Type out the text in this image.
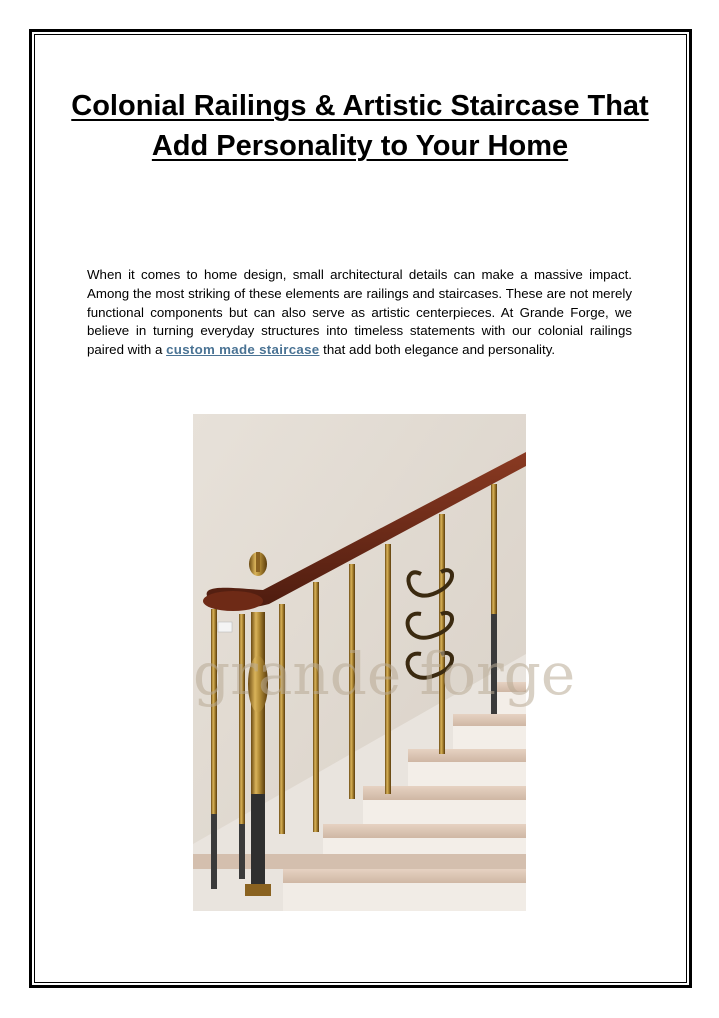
Colonial Railings & Artistic Staircase That Add Personality to Your Home

When it comes to home design, small architectural details can make a massive impact. Among the most striking of these elements are railings and staircases. These are not merely functional components but can also serve as artistic centerpieces. At Grande Forge, we believe in turning everyday structures into timeless statements with our colonial railings paired with a custom made staircase that add both elegance and personality.

grande forge
